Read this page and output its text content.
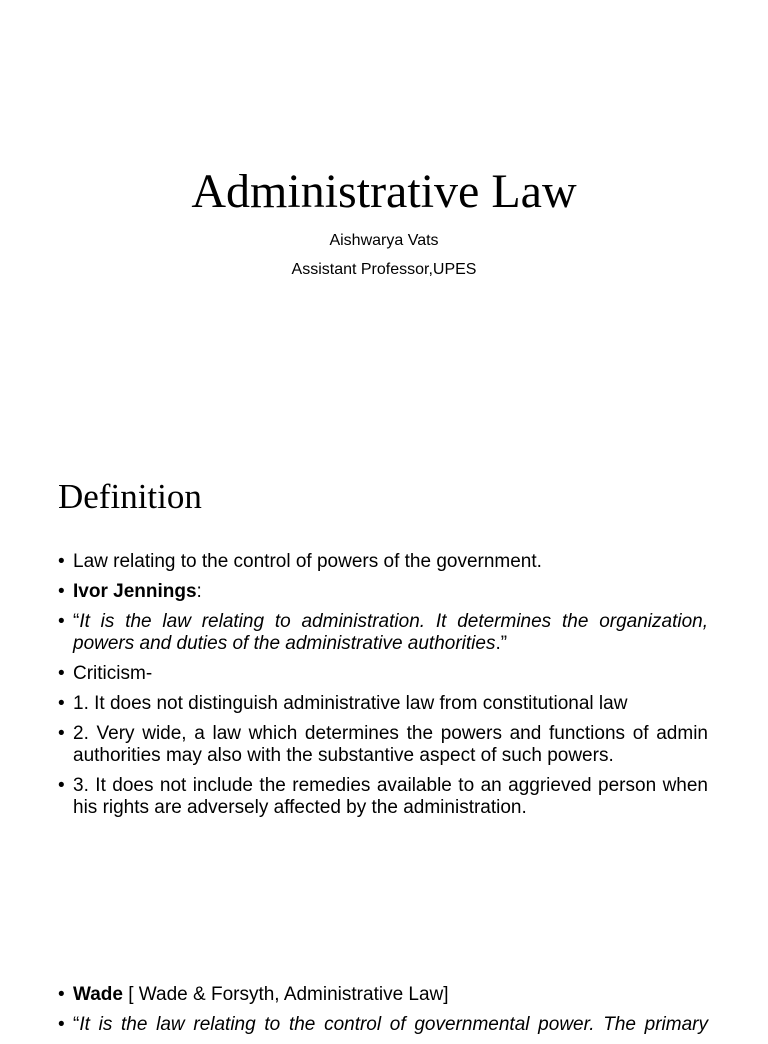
Administrative Law
Aishwarya Vats
Assistant Professor,UPES
Definition
• Law relating to the control of powers of the government.
• Ivor Jennings:
• “It is the law relating to administration. It determines the organization, powers and duties of the administrative authorities.”
• Criticism-
• 1. It does not distinguish administrative law from constitutional law
• 2. Very wide, a law which determines the powers and functions of admin authorities may also with the substantive aspect of such powers.
• 3. It does not include the remedies available to an aggrieved person when his rights are adversely affected by the administration.
• Wade [ Wade & Forsyth, Administrative Law]
• “It is the law relating to the control of governmental power. The primary
